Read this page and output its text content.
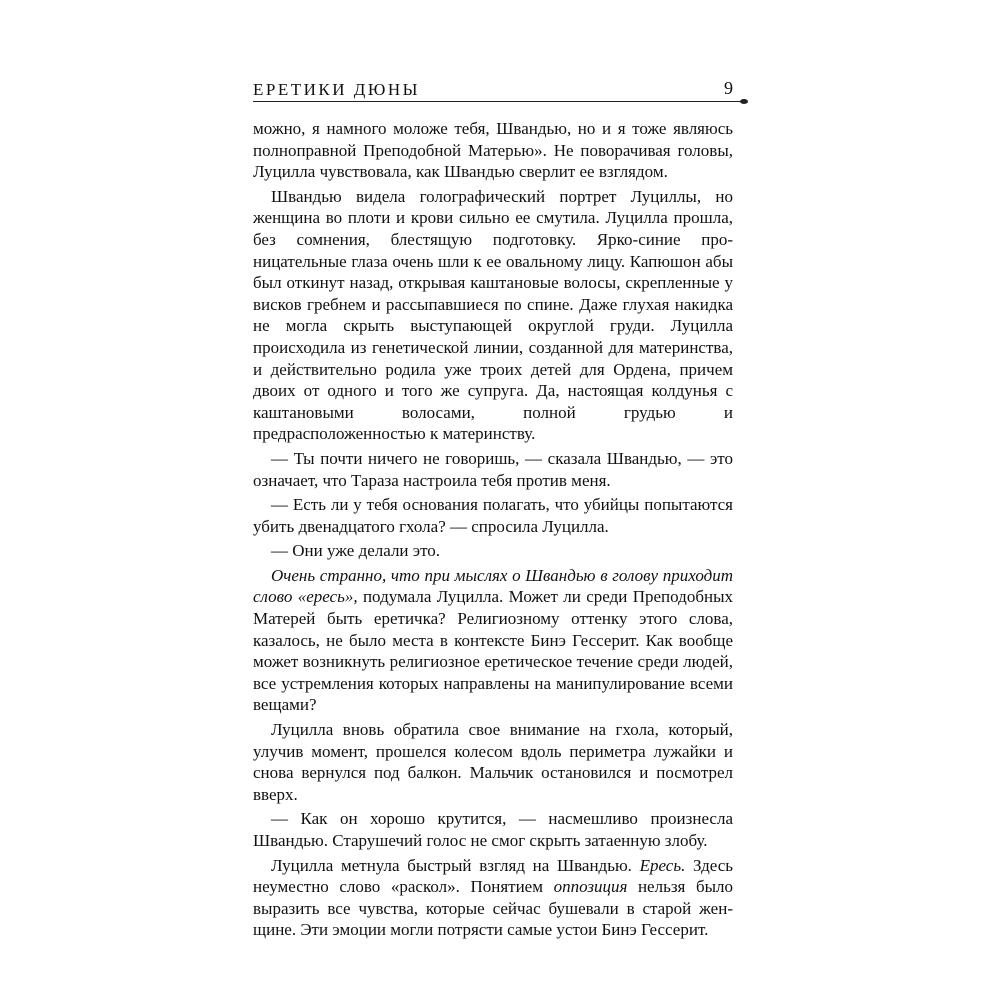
ЕРЕТИКИ ДЮНЫ	9

можно, я намного моложе тебя, Швандью, но и я тоже являюсь полноправной Преподобной Матерью». Не поворачивая головы, Луцилла чувствовала, как Швандью сверлит ее взглядом.

Швандью видела голографический портрет Луциллы, но женщина во плоти и крови сильно ее смутила. Луцилла прошла, без сомнения, блестящую подготовку. Ярко-синие проницательные глаза очень шли к ее овальному лицу. Капюшон абы был откинут назад, открывая каштановые волосы, скрепленные у висков гребнем и рассыпавшиеся по спине. Даже глухая накидка не могла скрыть выступающей округлой груди. Луцилла происходила из генетической линии, созданной для материнства, и действительно родила уже троих детей для Ордена, причем двоих от одного и того же супруга. Да, настоящая колдунья с каштановыми волосами, полной грудью и предрасположенностью к материнству.

— Ты почти ничего не говоришь, — сказала Швандью, — это означает, что Тараза настроила тебя против меня.

— Есть ли у тебя основания полагать, что убийцы попытаются убить двенадцатого гхола? — спросила Луцилла.

— Они уже делали это.

Очень странно, что при мыслях о Швандью в голову приходит слово «ересь», подумала Луцилла. Может ли среди Преподобных Матерей быть еретичка? Религиозному оттенку этого слова, казалось, не было места в контексте Бинэ Гессерит. Как вообще может возникнуть религиозное еретическое течение среди людей, все устремления которых направлены на манипулирование всеми вещами?

Луцилла вновь обратила свое внимание на гхола, который, улучив момент, прошелся колесом вдоль периметра лужайки и снова вернулся под балкон. Мальчик остановился и посмотрел вверх.

— Как он хорошо крутится, — насмешливо произнесла Швандью. Старушечий голос не смог скрыть затаенную злобу.

Луцилла метнула быстрый взгляд на Швандью. Ересь. Здесь неуместно слово «раскол». Понятием оппозиция нельзя было выразить все чувства, которые сейчас бушевали в старой женщине. Эти эмоции могли потрясти самые устои Бинэ Гессерит.
